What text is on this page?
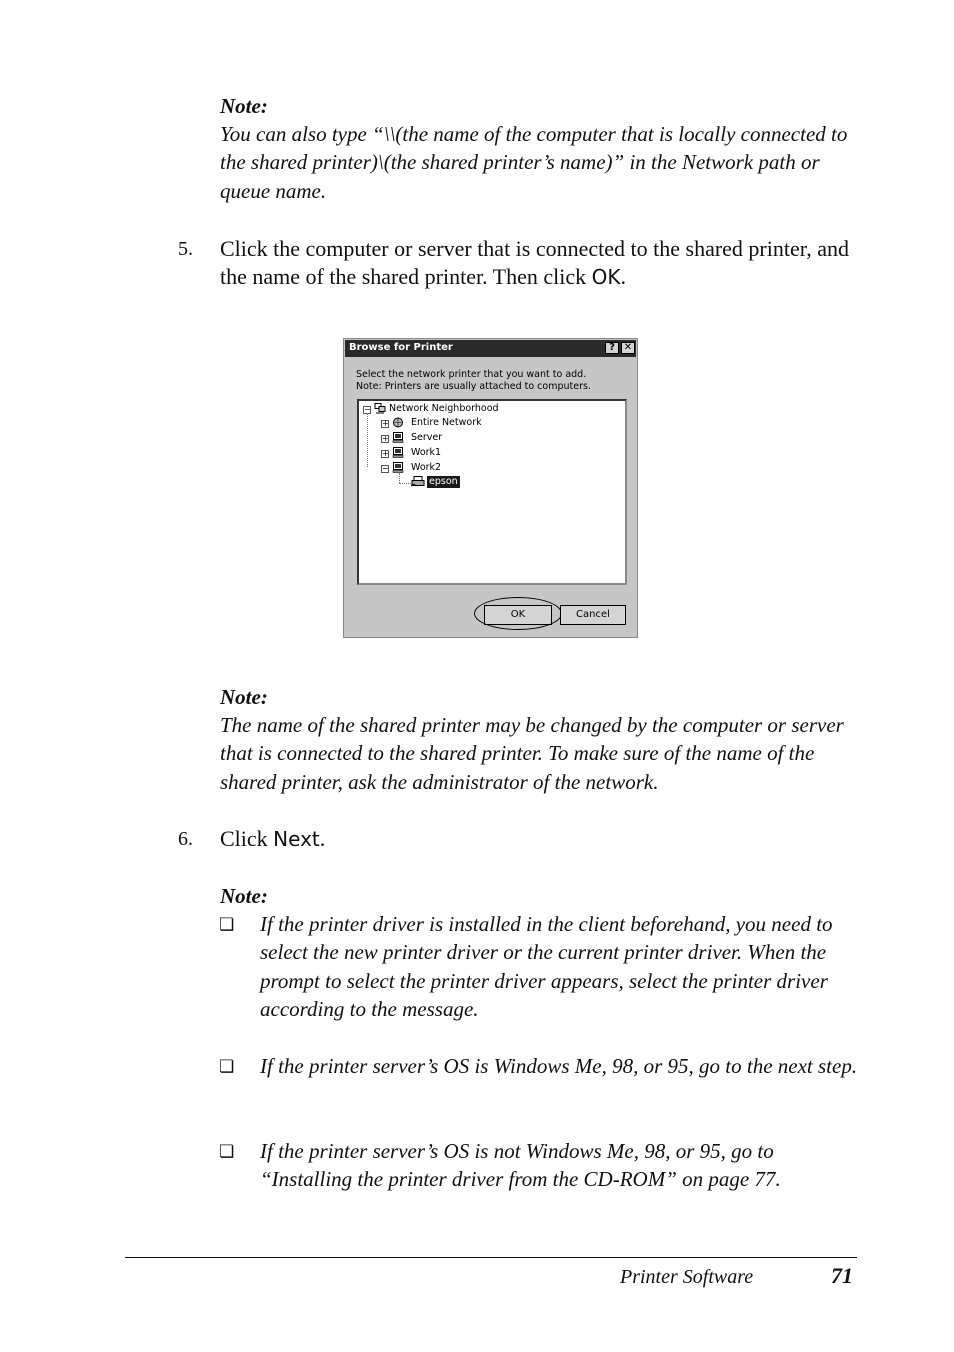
Note:
You can also type “\\(the name of the computer that is locally connected to the shared printer)\(the shared printer’s name)” in the Network path or queue name.
5. Click the computer or server that is connected to the shared printer, and the name of the shared printer. Then click OK.
Browse for Printer	? ✕
Select the network printer that you want to add.
Note: Printers are usually attached to computers.
− Network Neighborhood
+ Entire Network
+ Server
+ Work1
− Work2
epson
OK	Cancel
Note:
The name of the shared printer may be changed by the computer or server that is connected to the shared printer. To make sure of the name of the shared printer, ask the administrator of the network.
6. Click Next.
Note:
❏ If the printer driver is installed in the client beforehand, you need to select the new printer driver or the current printer driver. When the prompt to select the printer driver appears, select the printer driver according to the message.
❏ If the printer server’s OS is Windows Me, 98, or 95, go to the next step.
❏ If the printer server’s OS is not Windows Me, 98, or 95, go to “Installing the printer driver from the CD-ROM” on page 77.
Printer Software	71
